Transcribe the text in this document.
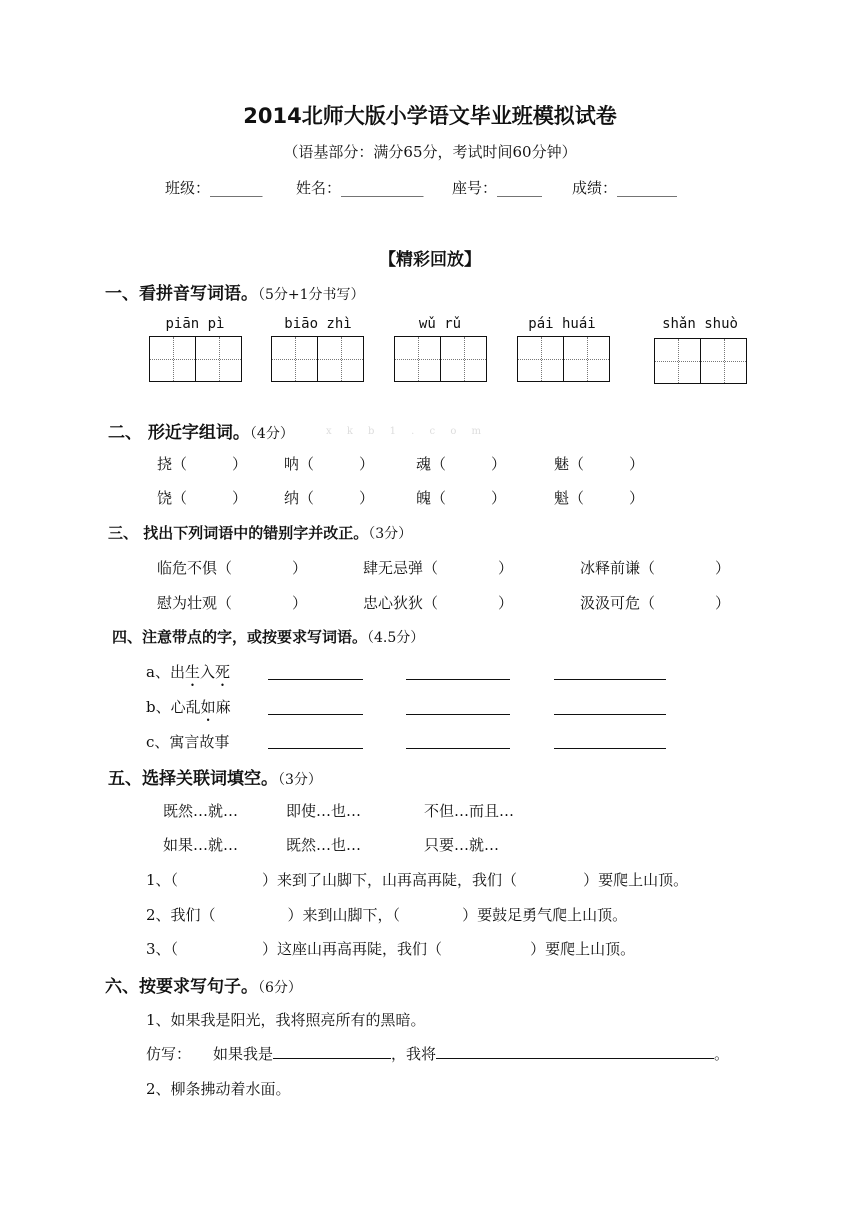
2014北师大版小学语文毕业班模拟试卷
（语基部分：满分65分，考试时间60分钟）
班级：_______ 姓名：___________ 座号：______ 成绩：________
【精彩回放】
一、看拼音写词语。（5分+1分书写）
piān pì	biāo zhì	wǔ rǔ	pái huái	shǎn shuò
二、 形近字组词。（4分）	x k b 1 . c o m
挠（　　　） 呐（　　　）	魂（　　　）	魅（　　　）
饶（　　　） 纳（　　　）	魄（　　　）	魁（　　　）
三、 找出下列词语中的错别字并改正。（3分）
临危不俱（　　　　）	肆无忌弹（　　　　）	冰释前谦（　　　　）
慰为壮观（　　　　）	忠心狄狄（　　　　）	汲汲可危（　　　　）
四、注意带点的字，或按要求写词语。（4.5分）
a、出生入死
b、心乱如麻
c、寓言故事
五、选择关联词填空。（3分）
既然…就…	即使…也…	不但…而且…
如果…就…	既然…也…	只要…就…
1、（	）来到了山脚下，山再高再陡，我们（	）要爬上山顶。
2、我们（	）来到山脚下，（	）要鼓足勇气爬上山顶。
3、（	）这座山再高再陡，我们（	）要爬上山顶。
六、按要求写句子。（6分）
1、如果我是阳光，我将照亮所有的黑暗。
仿写： 如果我是	，我将	。
2、柳条拂动着水面。
